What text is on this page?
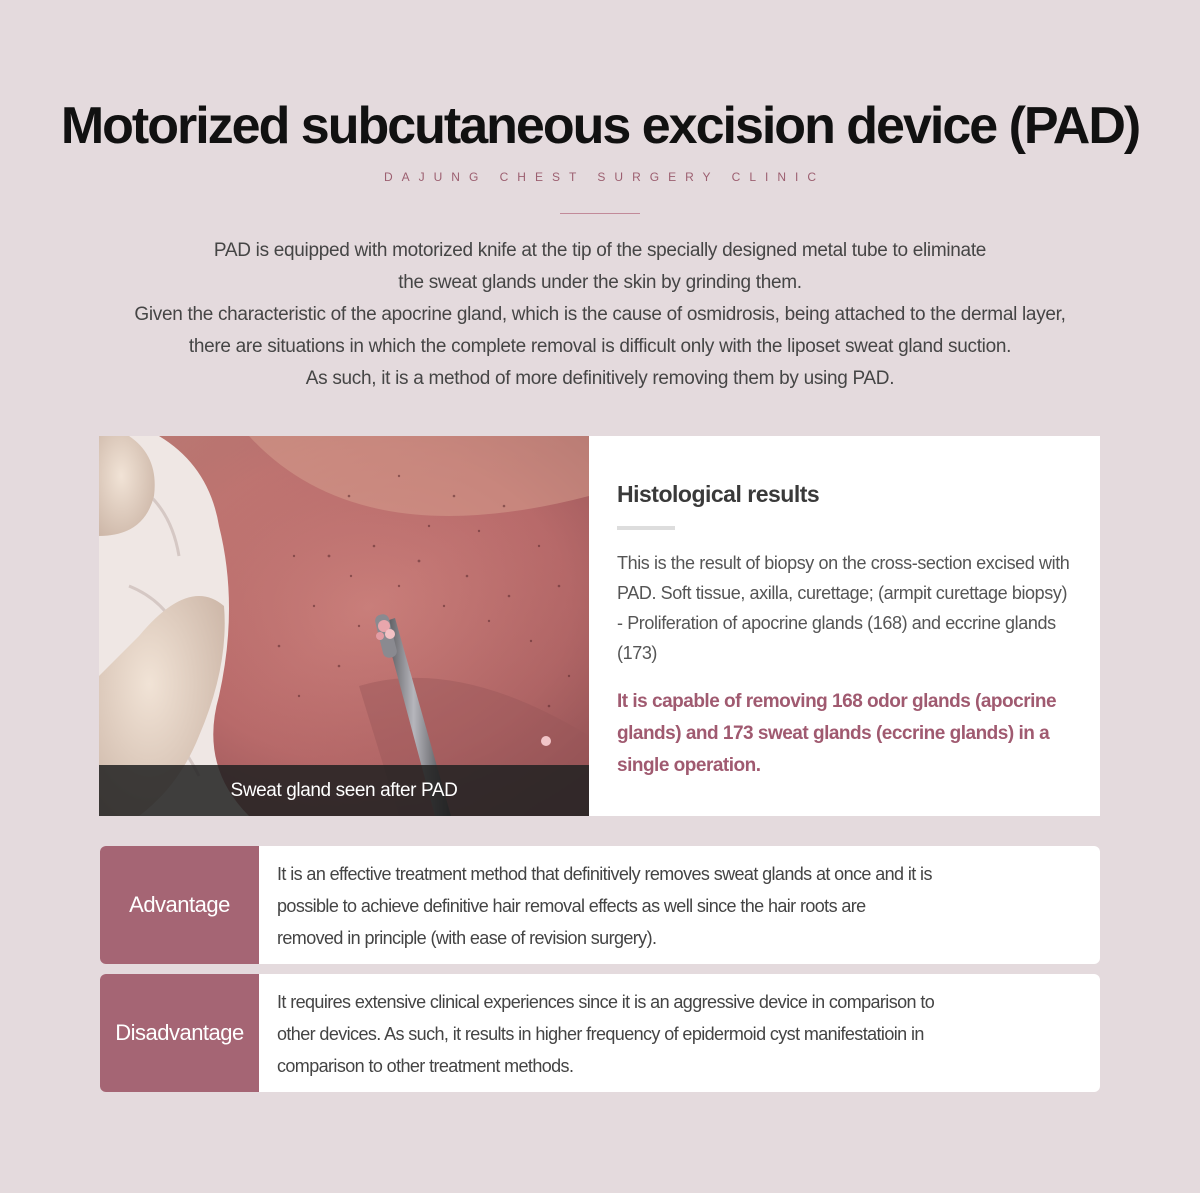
Motorized subcutaneous excision device (PAD)
DAJUNG CHEST SURGERY CLINIC
PAD is equipped with motorized knife at the tip of the specially designed metal tube to eliminate
the sweat glands under the skin by grinding them.
Given the characteristic of the apocrine gland, which is the cause of osmidrosis, being attached to the dermal layer,
there are situations in which the complete removal is difficult only with the liposet sweat gland suction.
As such, it is a method of more definitively removing them by using PAD.
Sweat gland seen after PAD
Histological results
This is the result of biopsy on the cross-section excised with PAD. Soft tissue, axilla, curettage; (armpit curettage biopsy) - Proliferation of apocrine glands (168) and eccrine glands (173)
It is capable of removing 168 odor glands (apocrine glands) and 173 sweat glands (eccrine glands) in a single operation.
Advantage
It is an effective treatment method that definitively removes sweat glands at once and it is
possible to achieve definitive hair removal effects as well since the hair roots are
removed in principle (with ease of revision surgery).
Disadvantage
It requires extensive clinical experiences since it is an aggressive device in comparison to
other devices. As such, it results in higher frequency of epidermoid cyst manifestatioin in
comparison to other treatment methods.
